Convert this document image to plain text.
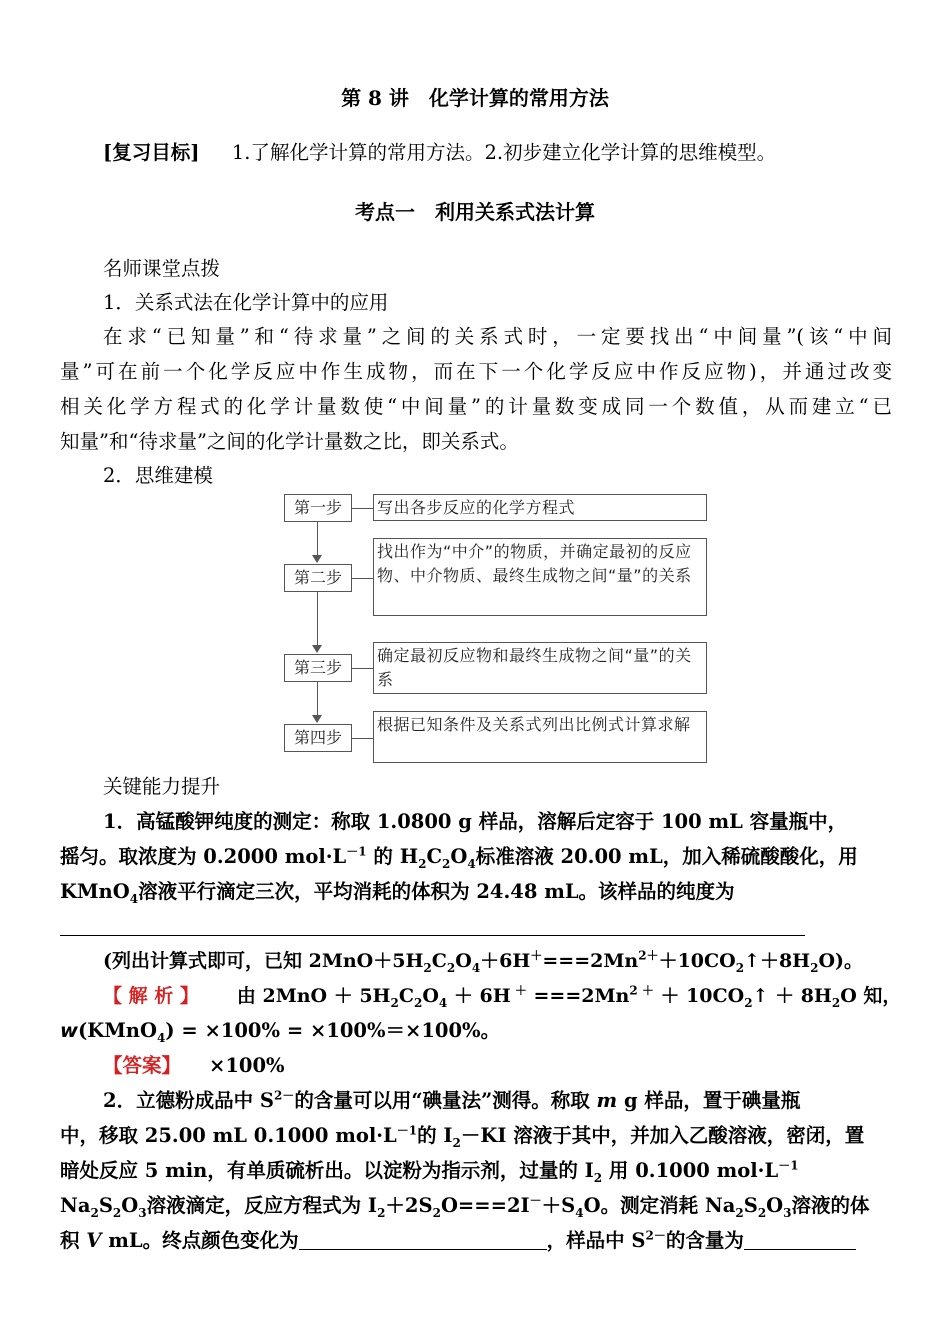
第 8 讲　化学计算的常用方法
[复习目标] 1.了解化学计算的常用方法。2.初步建立化学计算的思维模型。
考点一　利用关系式法计算
名师课堂点拨
1．关系式法在化学计算中的应用
在求“已知量”和“待求量”之间的关系式时，一定要找出“中间量”(该“中间
量”可在前一个化学反应中作生成物，而在下一个化学反应中作反应物)，并通过改变
相关化学方程式的化学计量数使“中间量”的计量数变成同一个数值，从而建立“已
知量”和“待求量”之间的化学计量数之比，即关系式。
2．思维建模
第一步	写出各步反应的化学方程式
第二步
找出作为“中介”的物质，并确定最初的反应物、中介物质、最终生成物之间“量”的关系
第三步
确定最初反应物和最终生成物之间“量”的关系
第四步
根据已知条件及关系式列出比例式计算求解
关键能力提升
1．高锰酸钾纯度的测定：称取 1.0800 g 样品，溶解后定容于 100 mL 容量瓶中，
摇匀。取浓度为 0.2000 $mol\cdot L^{-1}$ 的 $H_2C_2O_4$标准溶液 20.00 mL，加入稀硫酸酸化，用
KMnO$_4$溶液平行滴定三次，平均消耗的体积为 24.48 mL。该样品的纯度为
(列出计算式即可，已知 $2MnO+5H_2C_2O_4+6H^+===2Mn^{2+}+10CO_2↑+8H_2O$)。
【 解 析 】 由 $2MnO + 5H_2C_2O_4 + 6H$ $^+ ===2Mn^{2 +}$ ＋ $10CO_2↑ + 8H_2O$ 知，
w(KMnO$_4$) = ×100% = ×100%＝×100%。
【答案】 ×100%
2．立德粉成品中 $S^{2-}$的含量可以用“碘量法”测得。称取 m g 样品，置于碘量瓶
中，移取 25.00 mL 0.1000 $mol\cdot L^{-1}$的 $I_2-KI$ 溶液于其中，并加入乙酸溶液，密闭，置
暗处反应 5 min，有单质硫析出。以淀粉为指示剂，过量的 $I_2$ 用 0.1000 $mol\cdot L^{-1}$
$Na_2S_2O_3$溶液滴定，反应方程式为 $I_2+2S_2O===2I^-+S_4O$。测定消耗 $Na_2S_2O_3$溶液的体
积 V mL。终点颜色变化为	，样品中 $S^{2-}$的含量为
